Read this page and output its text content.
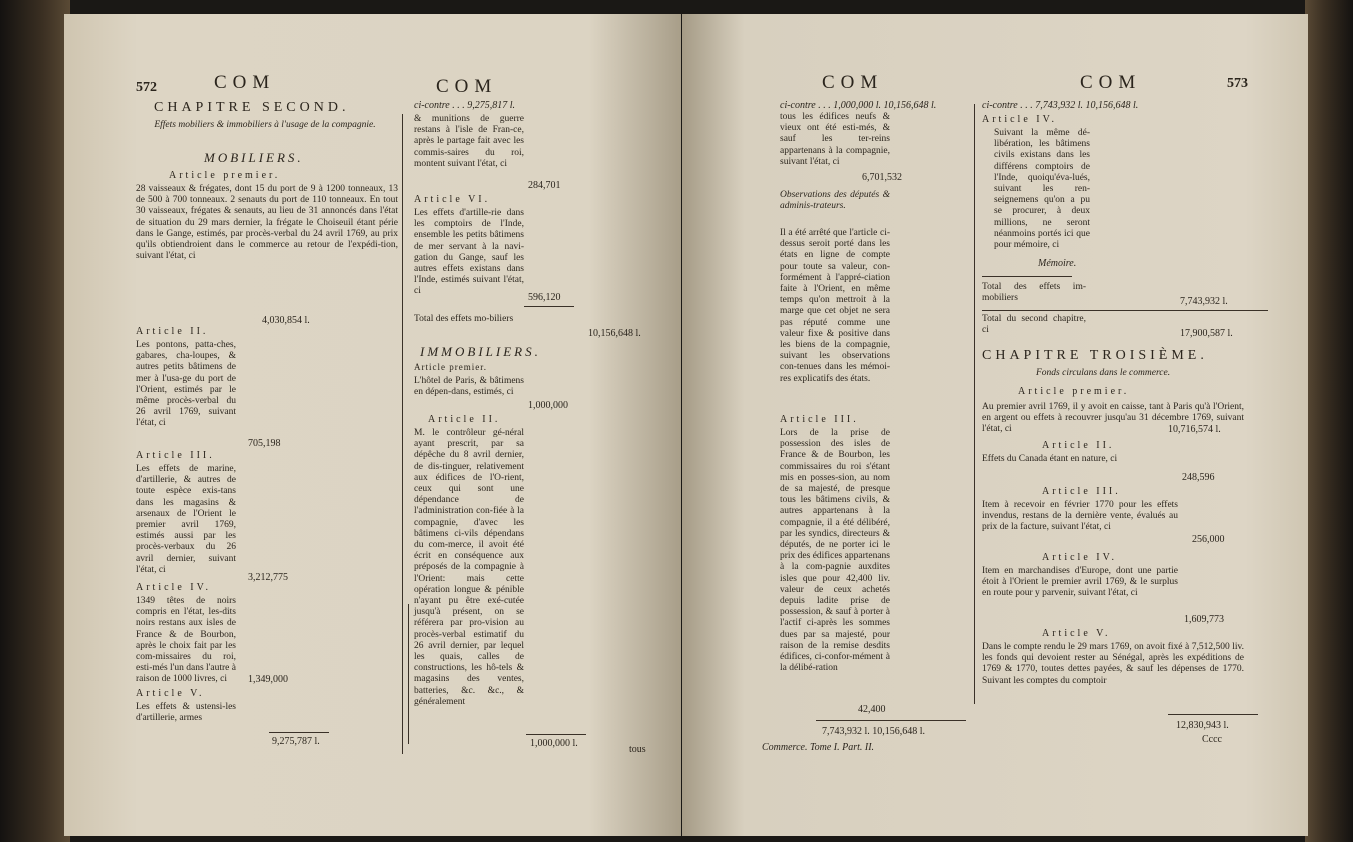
572	COM
CHAPITRE SECOND.
Effets mobiliers & immobiliers à l'usage de la compagnie.
MOBILIERS.
Article premier.
28 vaisseaux & frégates, dont 15 du port de 9 à 1200 tonneaux, 13 de 500 à 700 tonneaux. 2 senauts du port de 110 tonneaux. En tout 30 vaisseaux, frégates & senauts, au lieu de 31 annoncés dans l'état de situation du 29 mars dernier, la frégate le Choiseuil étant périe dans le Gange, estimés, par procès-verbal du 24 avril 1769, au prix qu'ils obtiendroient dans le commerce au retour de l'expédi-tion, suivant l'état, ci
4,030,854 l.
Article II.
Les pontons, patta-ches, gabares, cha-loupes, & autres petits bâtimens de mer à l'usa-ge du port de l'Orient, estimés par le même procès-verbal du 26 avril 1769, suivant l'état, ci
705,198
Article III.
Les effets de marine, d'artillerie, & autres de toute espèce exis-tans dans les magasins & arsenaux de l'Orient le premier avril 1769, estimés aussi par les procès-verbaux du 26 avril dernier, suivant l'état, ci
3,212,775
Article IV.
1349 têtes de noirs compris en l'état, les-dits noirs restans aux isles de France & de Bourbon, après le choix fait par les com-missaires du roi, esti-més l'un dans l'autre à raison de 1000 livres, ci	1,349,000
Article V.
Les effets & ustensi-les d'artillerie, armes
9,275,787 l.
COM
ci-contre . . . 9,275,817 l.
& munitions de guerre restans à l'isle de Fran-ce, après le partage fait avec les commis-saires du roi, montent suivant l'état, ci
284,701
Article VI.
Les effets d'artille-rie dans les comptoirs de l'Inde, ensemble les petits bâtimens de mer servant à la navi-gation du Gange, sauf les autres effets existans dans l'Inde, estimés suivant l'état, ci
596,120
Total des effets mo-biliers
10,156,648 l.
IMMOBILIERS.
Article premier.
L'hôtel de Paris, & bâtimens en dépen-dans, estimés, ci
1,000,000
Article II.
M. le contrôleur gé-néral ayant prescrit, par sa dépêche du 8 avril dernier, de dis-tinguer, relativement aux édifices de l'O-rient, ceux qui sont une dépendance de l'administration con-fiée à la compagnie, d'avec les bâtimens ci-vils dépendans du com-merce, il avoit été écrit en conséquence aux préposés de la compagnie à l'Orient: mais cette opération longue & pénible n'ayant pu être exé-cutée jusqu'à présent, on se référera par pro-vision au procès-verbal estimatif du 26 avril dernier, par lequel les quais, calles de constructions, les hô-tels & magasins des ventes, batteries, &c. &c., & généralement
1,000,000 l.
tous
COM	COM	573
ci-contre . . . 1,000,000 l. 10,156,648 l.
tous les édifices neufs & vieux ont été esti-més, & sauf les ter-reins appartenans à la compagnie, suivant l'état, ci
6,701,532
Observations des députés & adminis-trateurs.
Il a été arrêté que l'article ci-dessus seroit porté dans les états en ligne de compte pour toute sa valeur, con-formément à l'appré-ciation faite à l'Orient, en même temps qu'on mettroit à la marge que cet objet ne sera pas réputé comme une valeur fixe & positive dans les biens de la compagnie, suivant les observations con-tenues dans les mémoi-res explicatifs des états.
Article III.
Lors de la prise de possession des isles de France & de Bourbon, les commissaires du roi s'étant mis en posses-sion, au nom de sa majesté, de presque tous les bâtimens civils, & autres appartenans à la compagnie, il a été délibéré, par les syndics, directeurs & députés, de ne porter ici le prix des édifices appartenans à la com-pagnie auxdites isles que pour 42,400 liv. valeur de ceux achetés depuis ladite prise de possession, & sauf à porter à l'actif ci-après les sommes dues par sa majesté, pour raison de la remise desdits édifices, ci-confor-mément à la délibé-ration
42,400
7,743,932 l. 10,156,648 l.
Commerce. Tome I. Part. II.
ci-contre . . . 7,743,932 l. 10,156,648 l.
Article IV.
Suivant la même dé-libération, les bâtimens civils existans dans les différens comptoirs de l'Inde, quoiqu'éva-lués, suivant les ren-seignemens qu'on a pu se procurer, à deux millions, ne seront néanmoins portés ici que pour mémoire, ci
Mémoire.
Total des effets im-mobiliers	7,743,932 l.
Total du second chapitre, ci	17,900,587 l.
CHAPITRE TROISIÈME.
Fonds circulans dans le commerce.
Article premier.
Au premier avril 1769, il y avoit en caisse, tant à Paris qu'à l'Orient, en argent ou effets à recouvrer jusqu'au 31 décembre 1769, suivant l'état, ci	10,716,574 l.
Article II.
Effets du Canada étant en nature, ci
248,596
Article III.
Item à recevoir en février 1770 pour les effets invendus, restans de la dernière vente, évalués au prix de la facture, suivant l'état, ci
256,000
Article IV.
Item en marchandises d'Europe, dont une partie étoit à l'Orient le premier avril 1769, & le surplus en route pour y parvenir, suivant l'état, ci
1,609,773
Article V.
Dans le compte rendu le 29 mars 1769, on avoit fixé à 7,512,500 liv. les fonds qui devoient rester au Sénégal, après les expéditions de 1769 & 1770, toutes dettes payées, & sauf les dépenses de 1770. Suivant les comptes du comptoir
12,830,943 l.
Cccc
